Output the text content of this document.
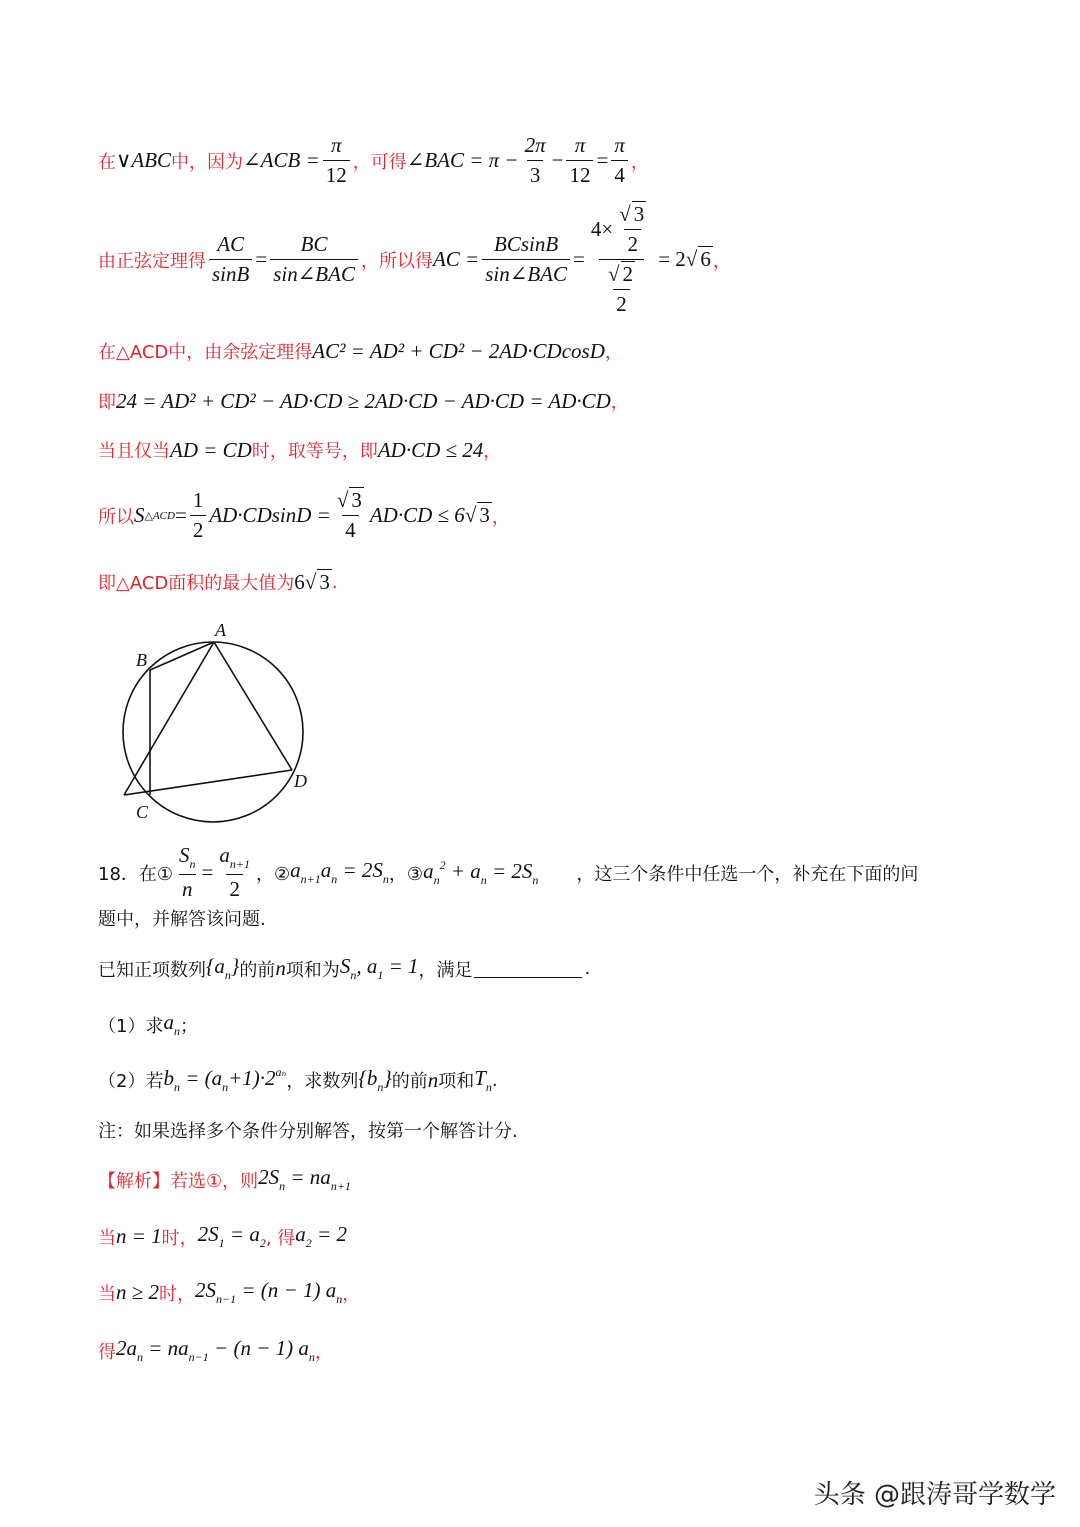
在 ∨ABC 中，因为 ∠ACB = $\frac{\pi}{12}$ ，可得 ∠BAC = $\pi - \frac{2\pi}{3} - \frac{\pi}{12} = \frac{\pi}{4}$ ，
由正弦定理得 $\frac{AC}{\sin B} = \frac{BC}{\text{sin∠BAC}}$ ，所以得 AC = $\frac{BCsinB}{\text{sin∠BAC}} = \frac{4\times \frac{√ 3}{2}}{\frac{√ 2}{2}} = 2$ √ 6 ，
在△ACD中，由余弦定理得 AC² = AD² + CD² − 2AD·CDcosD ，
即 24 = AD² + CD² − AD·CD ≥ 2AD·CD − AD·CD = AD·CD ，
当且仅当 AD = CD 时，取等号，即 AD·CD ≤ 24 ，
所以 S △ACD = $\frac{1}{2} AD\cdot CDsinD = \frac{√ 3}{4} AD\cdot CD \le 6$ √ 3 ，
即△ACD面积的最大值为 6 √ 3 .
A
B
C
D
18． 在① $\frac{S_n}{n} = \frac{a_{n+1}}{2}$ ，② $a_{n+1}a_n = 2S_n$ ，③ $a_n^2 + a_n = 2S_n$ ，这三个条件中任选一个，补充在下面的问
题中，并解答该问题.
已知正项数列 $\{a_n\}$ 的前 n 项和为 $S_n$, $a_1 = 1$ ，满足	.
（1）求 $a_n$ ；
（2）若 $b_n = (a_n+1)\cdot 2^{a_n}$ ，求数列 $\{b_n\}$ 的前 n 项和 $T_n$ .
注：如果选择多个条件分别解答，按第一个解答计分.
【解析】 若选①，则 $2S_n = na_{n+1}$
当 n = 1 时， $2S_1 = a_2$ , 得 $a_2 = 2$
当 n ≥ 2 时， $2S_{n-1} = (n - 1)$ $a_n$ ，
得 $2a_n = na_{n-1} - (n - 1)$ $a_n$ ，
头条 @跟涛哥学数学
